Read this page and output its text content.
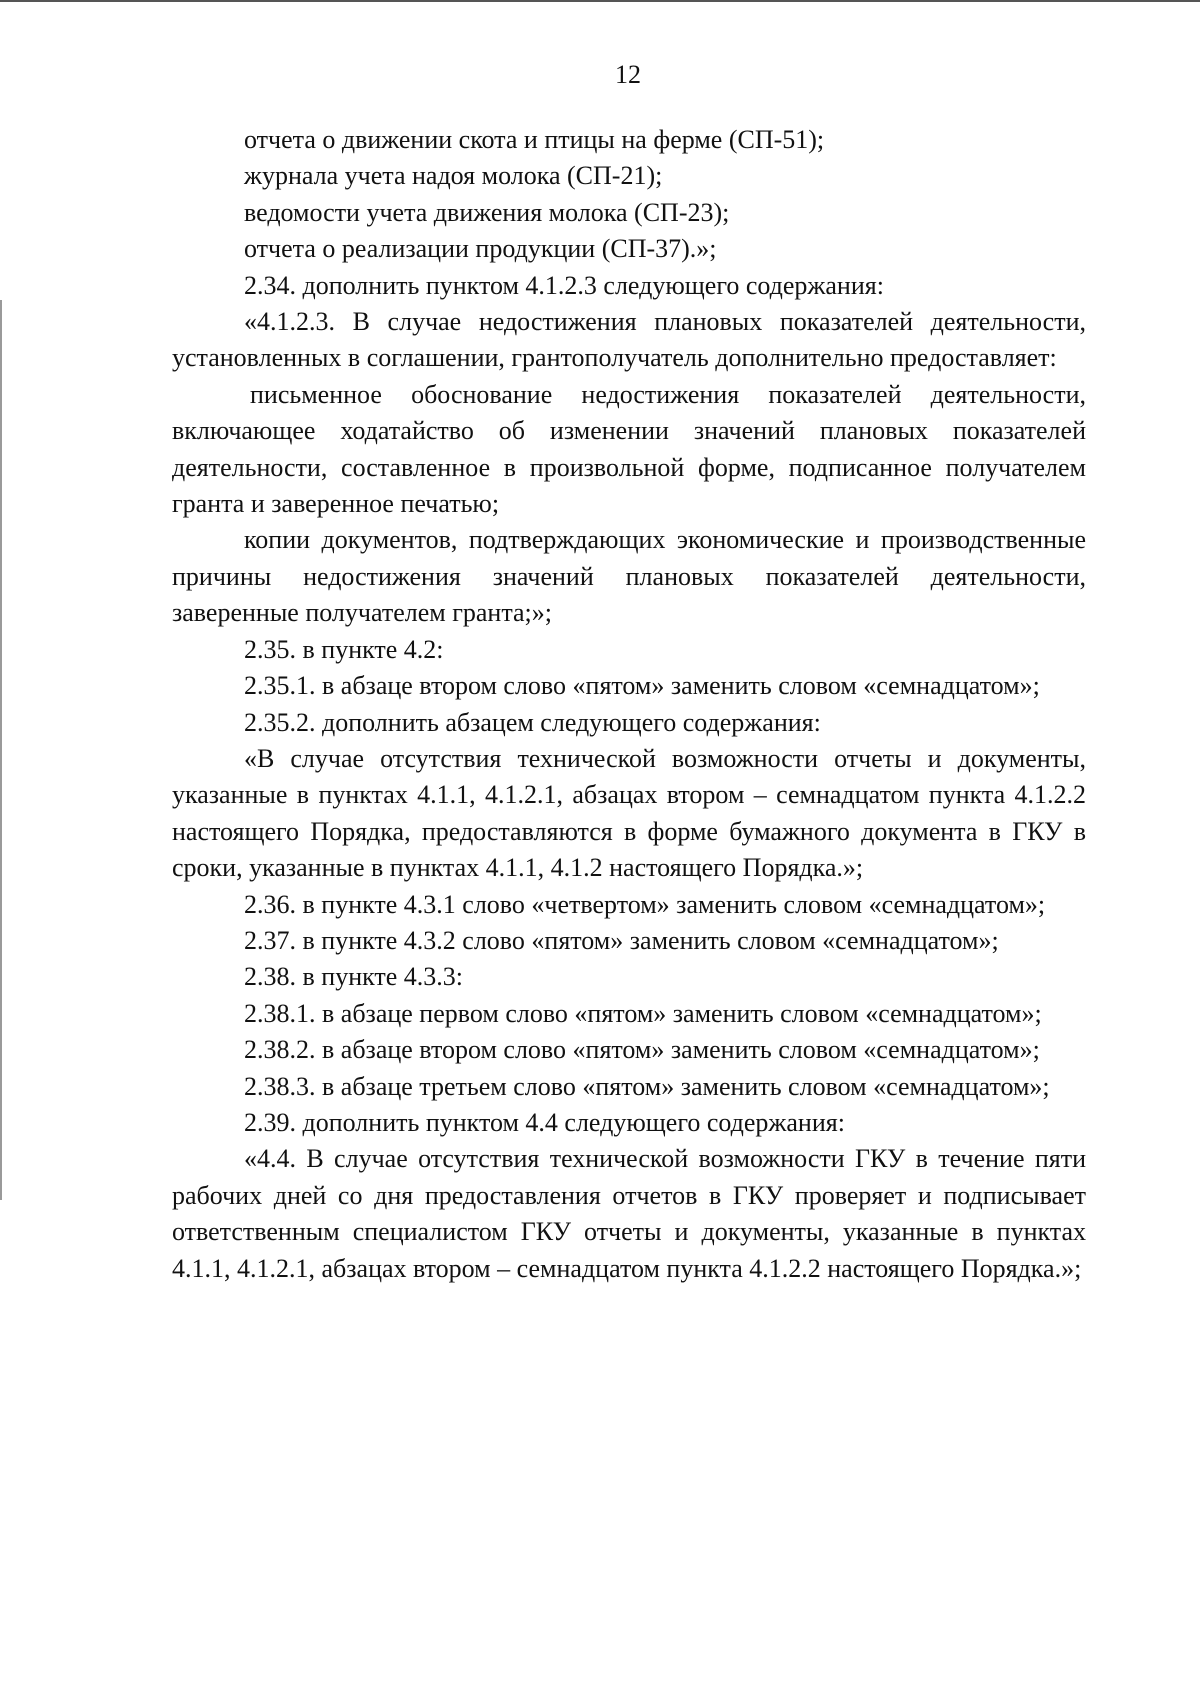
12

отчета о движении скота и птицы на ферме (СП-51);

журнала учета надоя молока (СП-21);

ведомости учета движения молока (СП-23);

отчета о реализации продукции (СП-37).»;

2.34. дополнить пунктом 4.1.2.3 следующего содержания:

«4.1.2.3. В случае недостижения плановых показателей деятельности, установленных в соглашении, грантополучатель дополнительно предоставляет:

письменное обоснование недостижения показателей деятельности, включающее ходатайство об изменении значений плановых показателей деятельности, составленное в произвольной форме, подписанное получателем гранта и заверенное печатью;

копии документов, подтверждающих экономические и производственные причины недостижения значений плановых показателей деятельности, заверенные получателем гранта;»;

2.35. в пункте 4.2:

2.35.1. в абзаце втором слово «пятом» заменить словом «семнадцатом»;

2.35.2. дополнить абзацем следующего содержания:

«В случае отсутствия технической возможности отчеты и документы, указанные в пунктах 4.1.1, 4.1.2.1, абзацах втором – семнадцатом пункта 4.1.2.2 настоящего Порядка, предоставляются в форме бумажного документа в ГКУ в сроки, указанные в пунктах 4.1.1, 4.1.2 настоящего Порядка.»;

2.36. в пункте 4.3.1 слово «четвертом» заменить словом «семнадцатом»;

2.37. в пункте 4.3.2 слово «пятом» заменить словом «семнадцатом»;

2.38. в пункте 4.3.3:

2.38.1. в абзаце первом слово «пятом» заменить словом «семнадцатом»;

2.38.2. в абзаце втором слово «пятом» заменить словом «семнадцатом»;

2.38.3. в абзаце третьем слово «пятом» заменить словом «семнадцатом»;

2.39. дополнить пунктом 4.4 следующего содержания:

«4.4. В случае отсутствия технической возможности ГКУ в течение пяти рабочих дней со дня предоставления отчетов в ГКУ проверяет и подписывает ответственным специалистом ГКУ отчеты и документы, указанные в пунктах 4.1.1, 4.1.2.1, абзацах втором – семнадцатом пункта 4.1.2.2 настоящего Порядка.»;
